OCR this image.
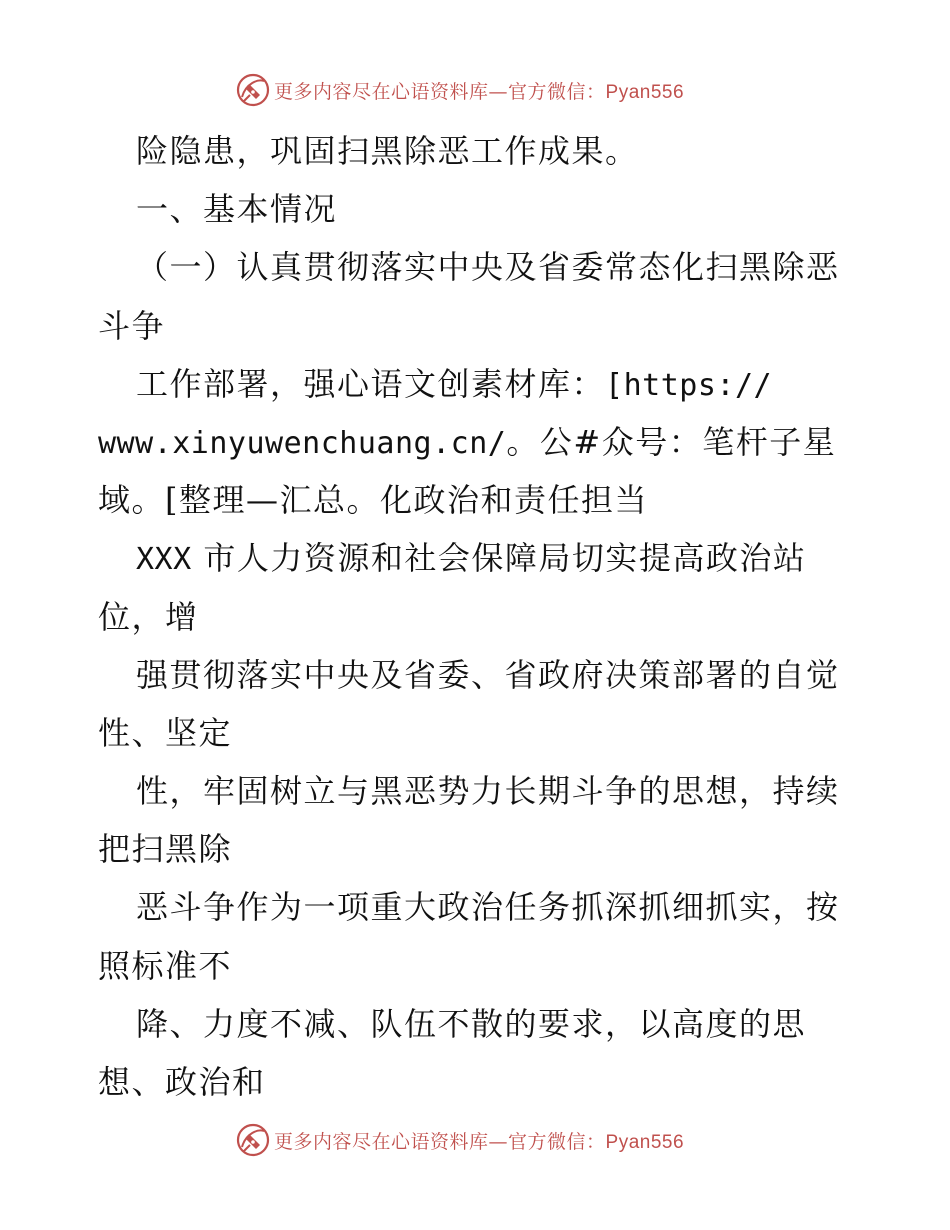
更多内容尽在心语资料库—官方微信：Pyan556
险隐患，巩固扫黑除恶工作成果。
一、基本情况
（一）认真贯彻落实中央及省委常态化扫黑除恶
斗争
工作部署，强心语文创素材库：[https://
www.xinyuwenchuang.cn/。公#众号：笔杆子星
域。[整理—汇总。化政治和责任担当
XXX 市人力资源和社会保障局切实提高政治站
位，增
强贯彻落实中央及省委、省政府决策部署的自觉
性、坚定
性，牢固树立与黑恶势力长期斗争的思想，持续
把扫黑除
恶斗争作为一项重大政治任务抓深抓细抓实，按
照标准不
降、力度不减、队伍不散的要求，以高度的思
想、政治和
更多内容尽在心语资料库—官方微信：Pyan556
